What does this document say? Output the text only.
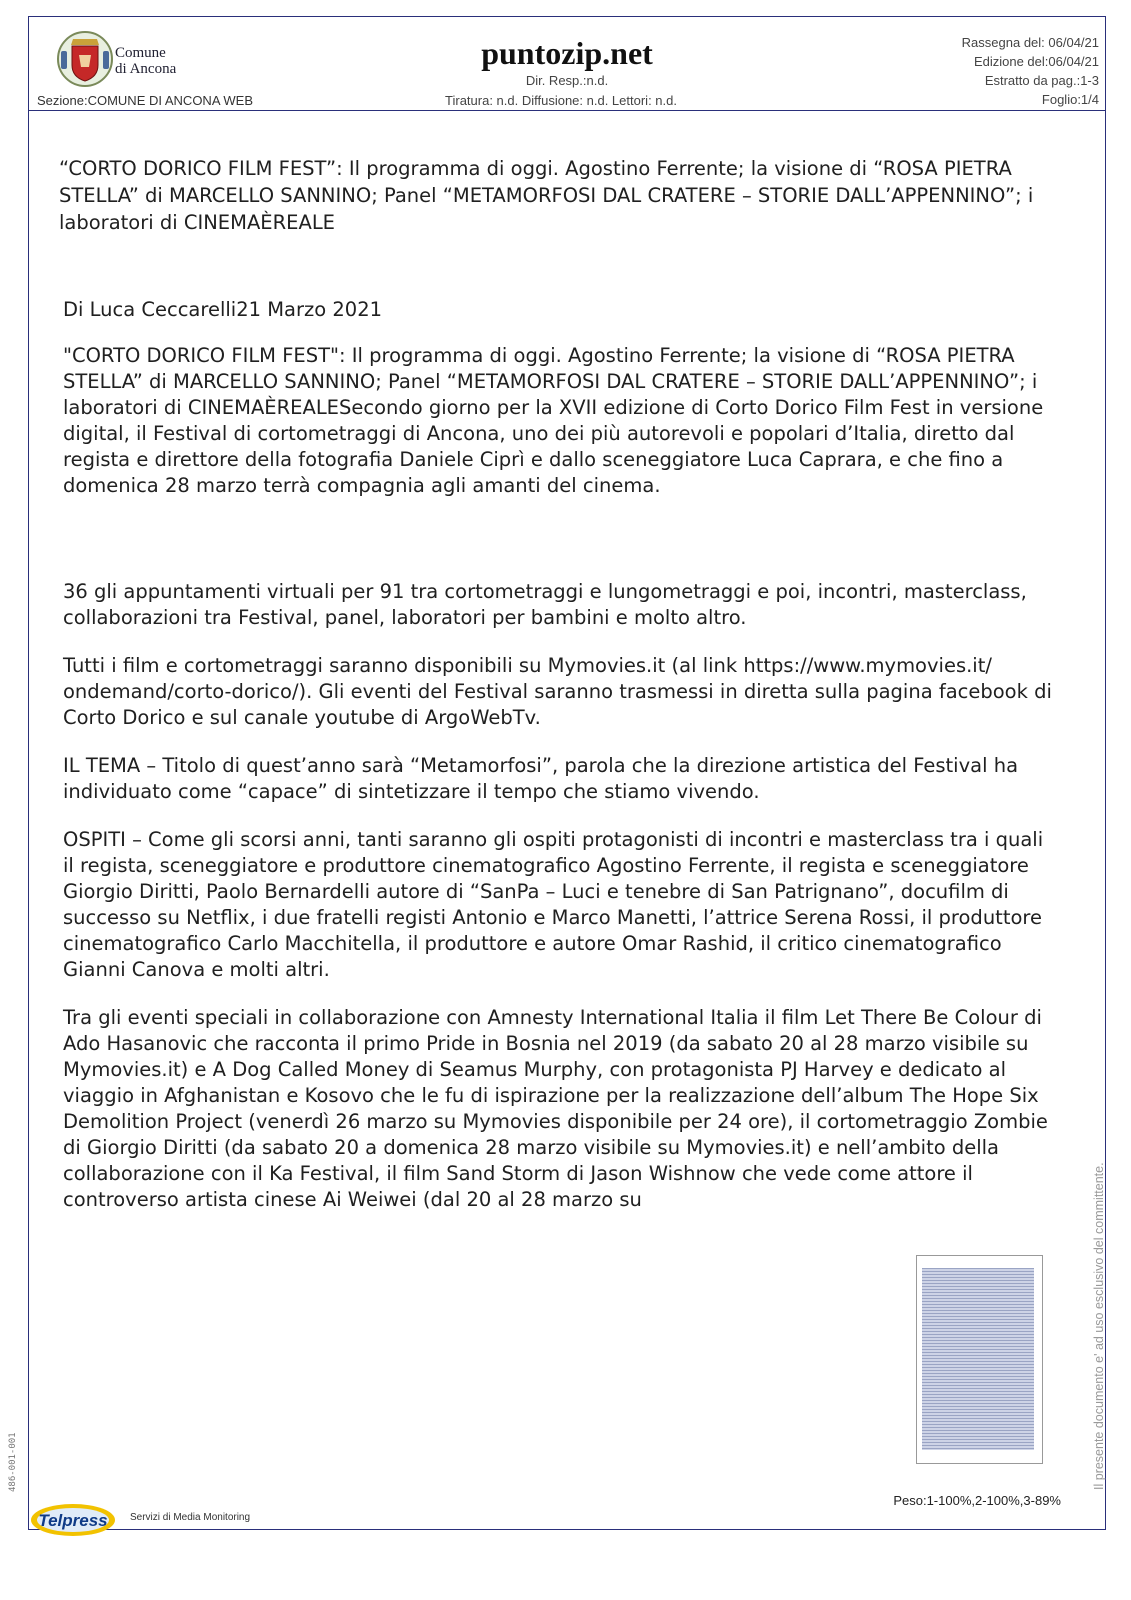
Comune
di Ancona
Sezione:COMUNE DI ANCONA WEB
puntozip.net
Dir. Resp.:n.d.
Tiratura: n.d. Diffusione: n.d. Lettori: n.d.
Rassegna del: 06/04/21
Edizione del:06/04/21
Estratto da pag.:1-3
Foglio:1/4
“CORTO DORICO FILM FEST”: Il programma di oggi. Agostino Ferrente; la visione di “ROSA PIETRA STELLA” di MARCELLO SANNINO; Panel “METAMORFOSI DAL CRATERE – STORIE DALL’APPENNINO”; i laboratori di CINEMAÈREALE
Di Luca Ceccarelli21 Marzo 2021

"CORTO DORICO FILM FEST": Il programma di oggi. Agostino Ferrente; la visione di “ROSA PIETRA STELLA” di MARCELLO SANNINO; Panel “METAMORFOSI DAL CRATERE – STORIE DALL’APPENNINO”; i laboratori di CINEMAÈREALESecondo giorno per la XVII edizione di Corto Dorico Film Fest in versione digital, il Festival di cortometraggi di Ancona, uno dei più autorevoli e popolari d’Italia, diretto dal regista e direttore della fotografia Daniele Ciprì e dallo sceneggiatore Luca Caprara, e che fino a domenica 28 marzo terrà compagnia agli amanti del cinema.

36 gli appuntamenti virtuali per 91 tra cortometraggi e lungometraggi e poi, incontri, masterclass, collaborazioni tra Festival, panel, laboratori per bambini e molto altro.

Tutti i film e cortometraggi saranno disponibili su Mymovies.it (al link https://www.mymovies.it/ ondemand/corto-dorico/). Gli eventi del Festival saranno trasmessi in diretta sulla pagina facebook di Corto Dorico e sul canale youtube di ArgoWebTv.

IL TEMA – Titolo di quest’anno sarà “Metamorfosi”, parola che la direzione artistica del Festival ha individuato come “capace” di sintetizzare il tempo che stiamo vivendo.

OSPITI – Come gli scorsi anni, tanti saranno gli ospiti protagonisti di incontri e masterclass tra i quali il regista, sceneggiatore e produttore cinematografico Agostino Ferrente, il regista e sceneggiatore Giorgio Diritti, Paolo Bernardelli autore di “SanPa – Luci e tenebre di San Patrignano”, docufilm di successo su Netflix, i due fratelli registi Antonio e Marco Manetti, l’attrice Serena Rossi, il produttore cinematografico Carlo Macchitella, il produttore e autore Omar Rashid, il critico cinematografico Gianni Canova e molti altri.

Tra gli eventi speciali in collaborazione con Amnesty International Italia il film Let There Be Colour di Ado Hasanovic che racconta il primo Pride in Bosnia nel 2019 (da sabato 20 al 28 marzo visibile su Mymovies.it) e A Dog Called Money di Seamus Murphy, con protagonista PJ Harvey e dedicato al viaggio in Afghanistan e Kosovo che le fu di ispirazione per la realizzazione dell’album The Hope Six Demolition Project (venerdì 26 marzo su Mymovies disponibile per 24 ore), il cortometraggio Zombie di Giorgio Diritti (da sabato 20 a domenica 28 marzo visibile su Mymovies.it) e nell’ambito della collaborazione con il Ka Festival, il film Sand Storm di Jason Wishnow che vede come attore il controverso artista cinese Ai Weiwei (dal 20 al 28 marzo su

Peso:1-100%,2-100%,3-89%
Il presente documento e' ad uso esclusivo del committente.
486-001-001
Telpress	Servizi di Media Monitoring
